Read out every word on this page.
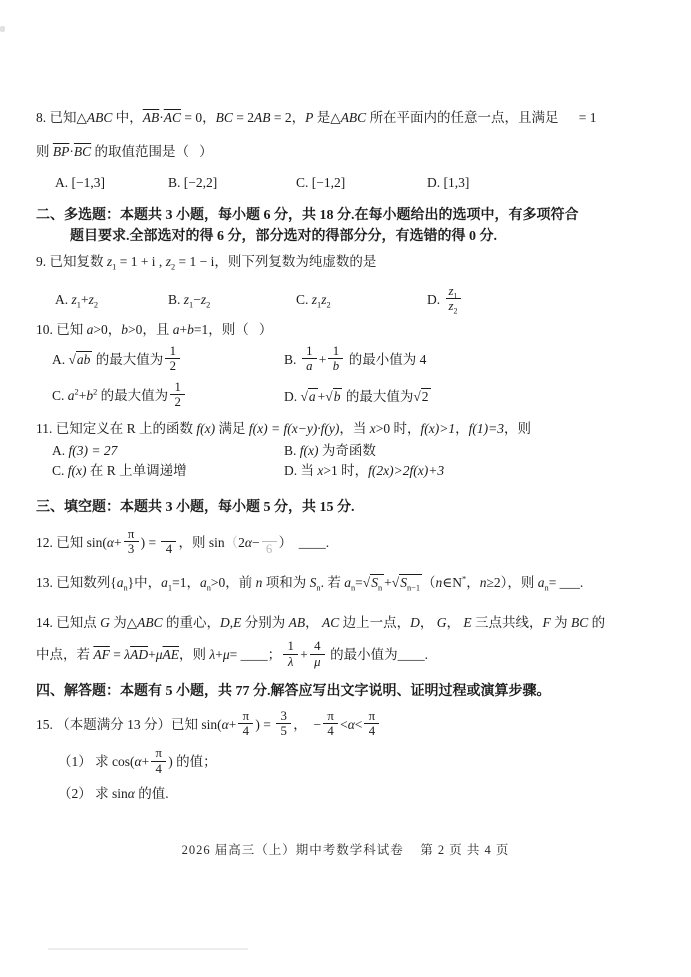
8. 已知△ABC 中，$\overline{AB}\cdot\overline{AC} = 0$，BC = 2AB = 2，P 是△ABC 所在平面内的任意一点，且满足      = 1

则 $\overline{BP}\cdot\overline{BC}$ 的取值范围是（   ）

A. [−1,3]	B. [−2,2]	C. [−1,2]	D. [1,3]

二、多选题：本题共 3 小题，每小题 6 分，共 18 分.在每小题给出的选项中，有多项符合

题目要求.全部选对的得 6 分，部分选对的得部分分，有选错的得 0 分.

9. 已知复数 $z_1 = 1 + i$ , $z_2 = 1 - i$，则下列复数为纯虚数的是

A. $z_1+z_2$	B. $z_1-z_2$	C. $z_1z_2$	D. $\frac{z_1}{z_2}$

10. 已知 a>0，b>0，且 a+b=1，则（   ）

A. √ab 的最大值为 $\frac{1}{2}$	B. $\frac{1}{a} + \frac{1}{b}$ 的最小值为 4
C. $a^2+b^2$ 的最大值为 $\frac{1}{2}$	D. √a +√b 的最大值为√2

11. 已知定义在 R 上的函数 f(x) 满足 f(x) = f(x−y)·f(y)，当 x>0 时，f(x)>1，f(1)=3，则

A. f(3) = 27	B. f(x) 为奇函数
C. f(x) 在 R 上单调递增	D. 当 x>1 时，f(2x)>2f(x)+3

三、填空题：本题共 3 小题，每小题 5 分，共 15 分.

12. 已知 $\sin(\alpha+ \frac{\pi}{3}$ ) =
4 ，则 sin（2α−
6 ）  ____.

13. 已知数列$\{a_n\}$中，$a_1=1$，$a_n>0$，前 n 项和为 $S_n$. 若 $a_n=√S_n +√S_{n-1}$ （n∈N*，n≥2），则 $a_n=$ ___.

14. 已知点 G 为△ABC 的重心，D,E 分别为 AB， AC 边上一点，D， G， E 三点共线，F 为 BC 的

中点，若 $\overline{AF} = \lambda\overline{AD}+\mu\overline{AE}$，则 λ+μ= ____； $\frac{1}{\lambda} + \frac{4}{\mu}$ 的最小值为____.

四、解答题：本题有 5 小题，共 77 分.解答应写出文字说明、证明过程或演算步骤。

15. （本题满分 13 分）已知 $\sin(\alpha+ \frac{\pi}{4}$ ) = $\frac{3}{5}$ ，  − $\frac{\pi}{4} <\alpha< \frac{\pi}{4}$

（1） 求 $\cos(\alpha+ \frac{\pi}{4}$ ) 的值；

（2） 求 sinα 的值.

2026 届高三（上）期中考数学科试卷    第 2 页 共 4 页
